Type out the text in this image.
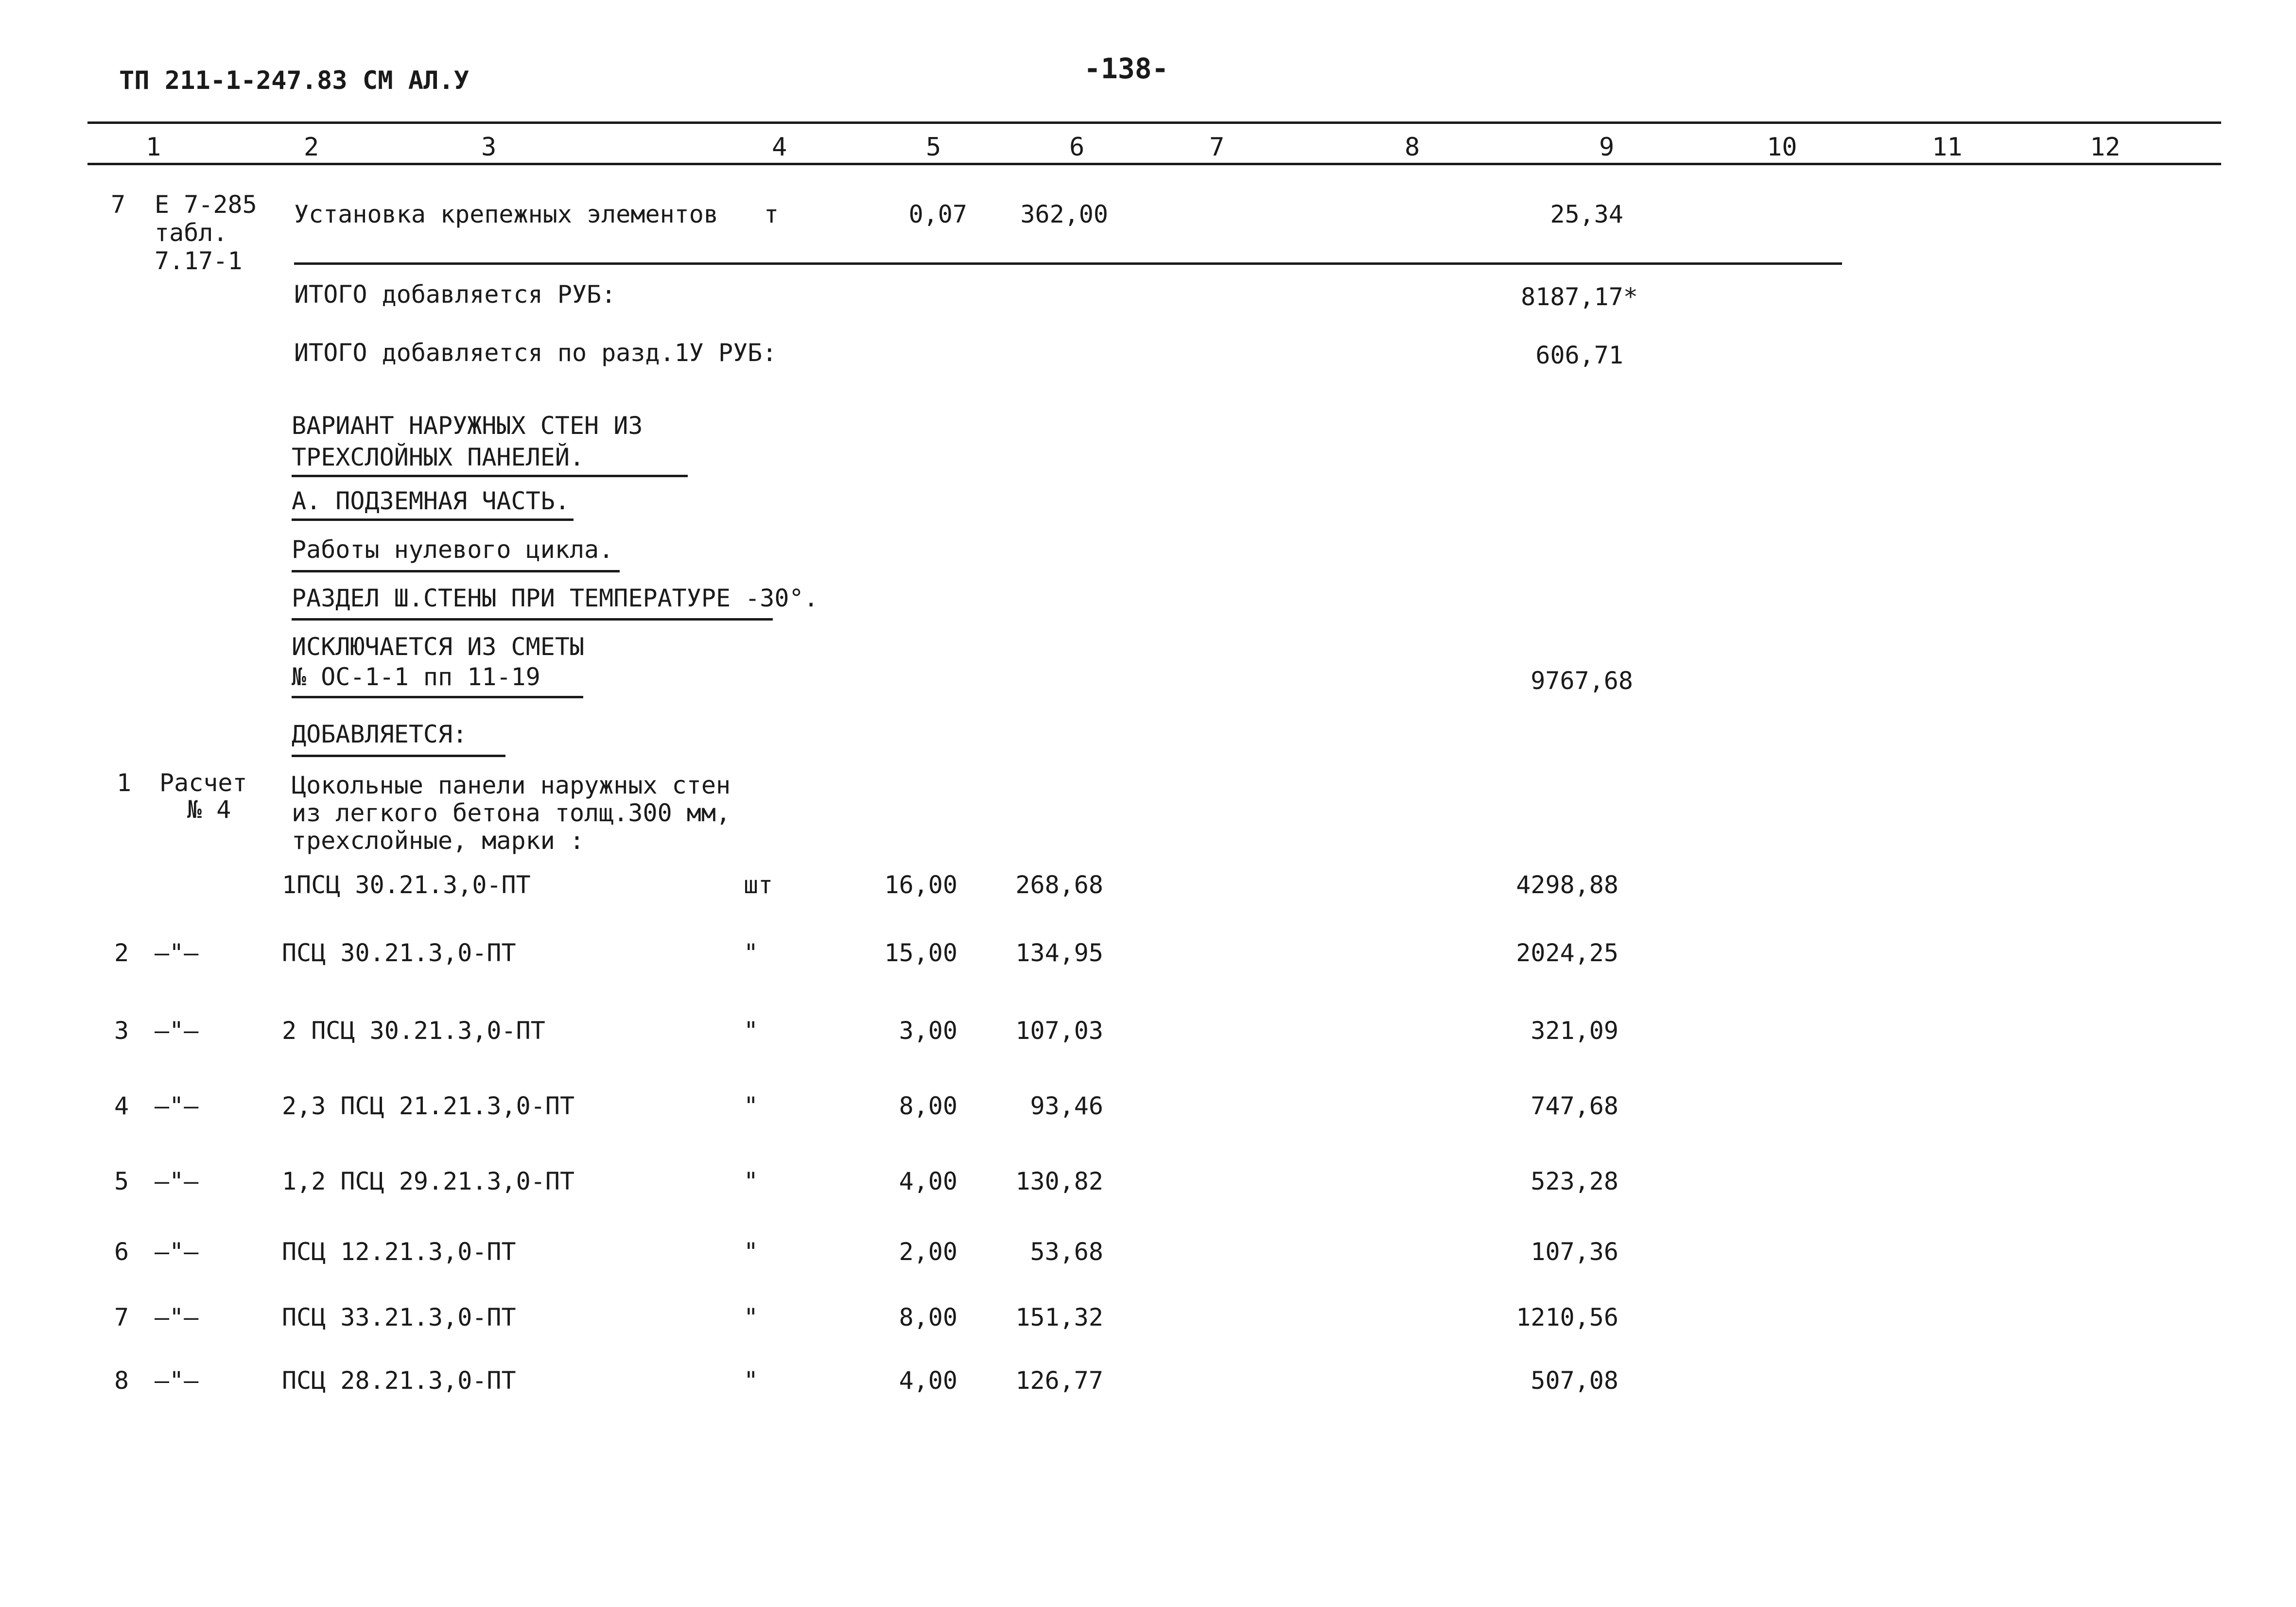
ТП 211-1-247.83 СМ АЛ.У	-138-
1	2	3	4	5	6	7	8	9	10	11	12
7 Е 7-285
табл.
7.17-1
Установка крепежных элементов т	0,07	362,00	25,34
ИТОГО добавляется РУБ:	8187,17*
ИТОГО добавляется по разд.1У РУБ:	606,71
ВАРИАНТ НАРУЖНЫХ СТЕН ИЗ
ТРЕХСЛОЙНЫХ ПАНЕЛЕЙ.
А. ПОДЗЕМНАЯ ЧАСТЬ.
Работы нулевого цикла.
РАЗДЕЛ Ш.СТЕНЫ ПРИ ТЕМПЕРАТУРЕ -30°.
ИСКЛЮЧАЕТСЯ ИЗ СМЕТЫ
№ ОС-1-1 пп 11-19	9767,68
ДОБАВЛЯЕТСЯ:
1 Расчет
№ 4
Цокольные панели наружных стен
из легкого бетона толщ.300 мм,
трехслойные, марки :
1ПСЦ 30.21.3,0-ПТ	шт	16,00	268,68	4298,88
2 —"—	ПСЦ 30.21.3,0-ПТ	"	15,00	134,95	2024,25
3 —"—	2 ПСЦ 30.21.3,0-ПТ	"	3,00	107,03	321,09
4 —"—	2,3 ПСЦ 21.21.3,0-ПТ	"	8,00	93,46	747,68
5 —"—	1,2 ПСЦ 29.21.3,0-ПТ	"	4,00	130,82	523,28
6 —"—	ПСЦ 12.21.3,0-ПТ	"	2,00	53,68	107,36
7 —"—	ПСЦ 33.21.3,0-ПТ	"	8,00	151,32	1210,56
8 —"—	ПСЦ 28.21.3,0-ПТ	"	4,00	126,77	507,08
